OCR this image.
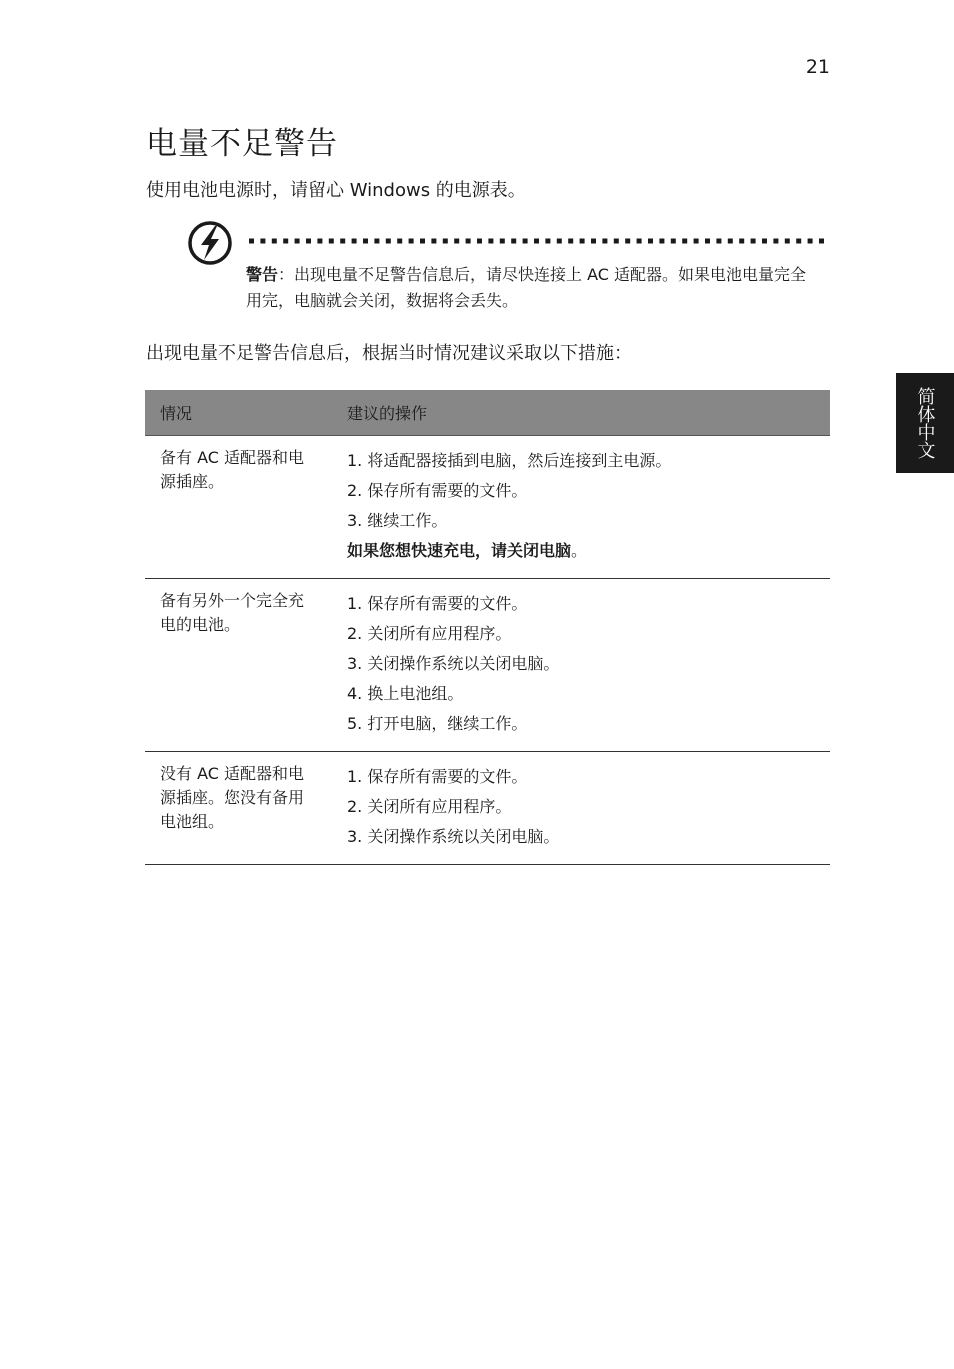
21
电量不足警告
使用电池电源时，请留心 Windows 的电源表。
警告：出现电量不足警告信息后，请尽快连接上 AC 适配器。如果电池电量完全用完，电脑就会关闭，数据将会丢失。
出现电量不足警告信息后，根据当时情况建议采取以下措施：
简体中文
情况	建议的操作
备有 AC 适配器和电源插座。	1. 将适配器接插到电脑，然后连接到主电源。
2. 保存所有需要的文件。
3. 继续工作。
如果您想快速充电，请关闭电脑。

备有另外一个完全充电的电池。	1. 保存所有需要的文件。
2. 关闭所有应用程序。
3. 关闭操作系统以关闭电脑。
4. 换上电池组。
5. 打开电脑，继续工作。

没有 AC 适配器和电源插座。您没有备用电池组。	1. 保存所有需要的文件。
2. 关闭所有应用程序。
3. 关闭操作系统以关闭电脑。
